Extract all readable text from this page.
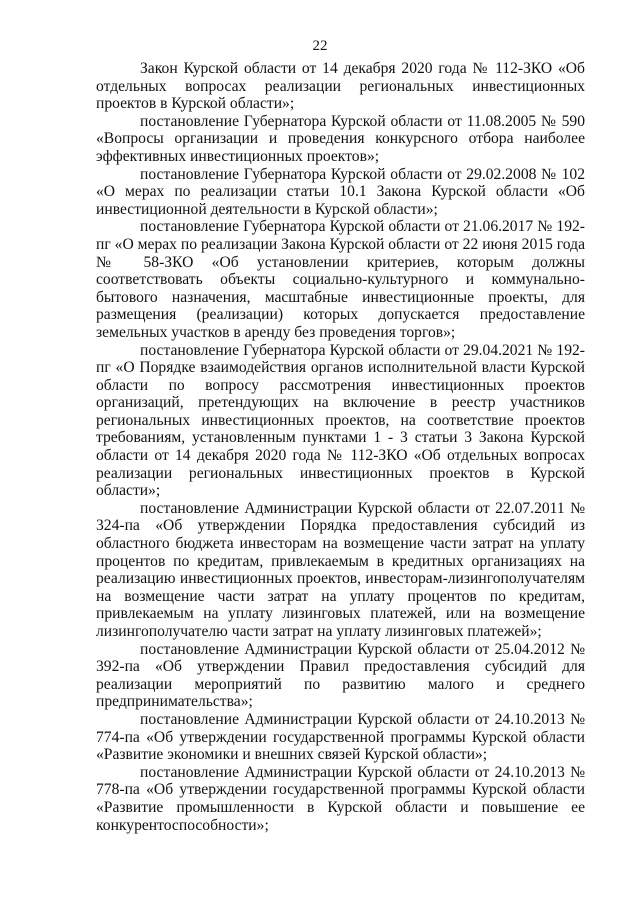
22

Закон Курской области от 14 декабря 2020 года № 112-ЗКО «Об отдельных вопросах реализации региональных инвестиционных проектов в Курской области»;

постановление Губернатора Курской области от 11.08.2005 № 590 «Вопросы организации и проведения конкурсного отбора наиболее эффективных инвестиционных проектов»;

постановление Губернатора Курской области от 29.02.2008 № 102 «О мерах по реализации статьи 10.1 Закона Курской области «Об инвестиционной деятельности в Курской области»;

постановление Губернатора Курской области от 21.06.2017 № 192-пг «О мерах по реализации Закона Курской области от 22 июня 2015 года № 58-ЗКО «Об установлении критериев, которым должны соответствовать объекты социально-культурного и коммунально-бытового назначения, масштабные инвестиционные проекты, для размещения (реализации) которых допускается предоставление земельных участков в аренду без проведения торгов»;

постановление Губернатора Курской области от 29.04.2021 № 192-пг «О Порядке взаимодействия органов исполнительной власти Курской области по вопросу рассмотрения инвестиционных проектов организаций, претендующих на включение в реестр участников региональных инвестиционных проектов, на соответствие проектов требованиям, установленным пунктами 1 - 3 статьи 3 Закона Курской области от 14 декабря 2020 года № 112-ЗКО «Об отдельных вопросах реализации региональных инвестиционных проектов в Курской области»;

постановление Администрации Курской области от 22.07.2011 № 324-па «Об утверждении Порядка предоставления субсидий из областного бюджета инвесторам на возмещение части затрат на уплату процентов по кредитам, привлекаемым в кредитных организациях на реализацию инвестиционных проектов, инвесторам-лизингополучателям на возмещение части затрат на уплату процентов по кредитам, привлекаемым на уплату лизинговых платежей, или на возмещение лизингополучателю части затрат на уплату лизинговых платежей»;

постановление Администрации Курской области от 25.04.2012 № 392-па «Об утверждении Правил предоставления субсидий для реализации мероприятий по развитию малого и среднего предпринимательства»;

постановление Администрации Курской области от 24.10.2013 № 774-па «Об утверждении государственной программы Курской области «Развитие экономики и внешних связей Курской области»;

постановление Администрации Курской области от 24.10.2013 № 778-па «Об утверждении государственной программы Курской области «Развитие промышленности в Курской области и повышение ее конкурентоспособности»;
